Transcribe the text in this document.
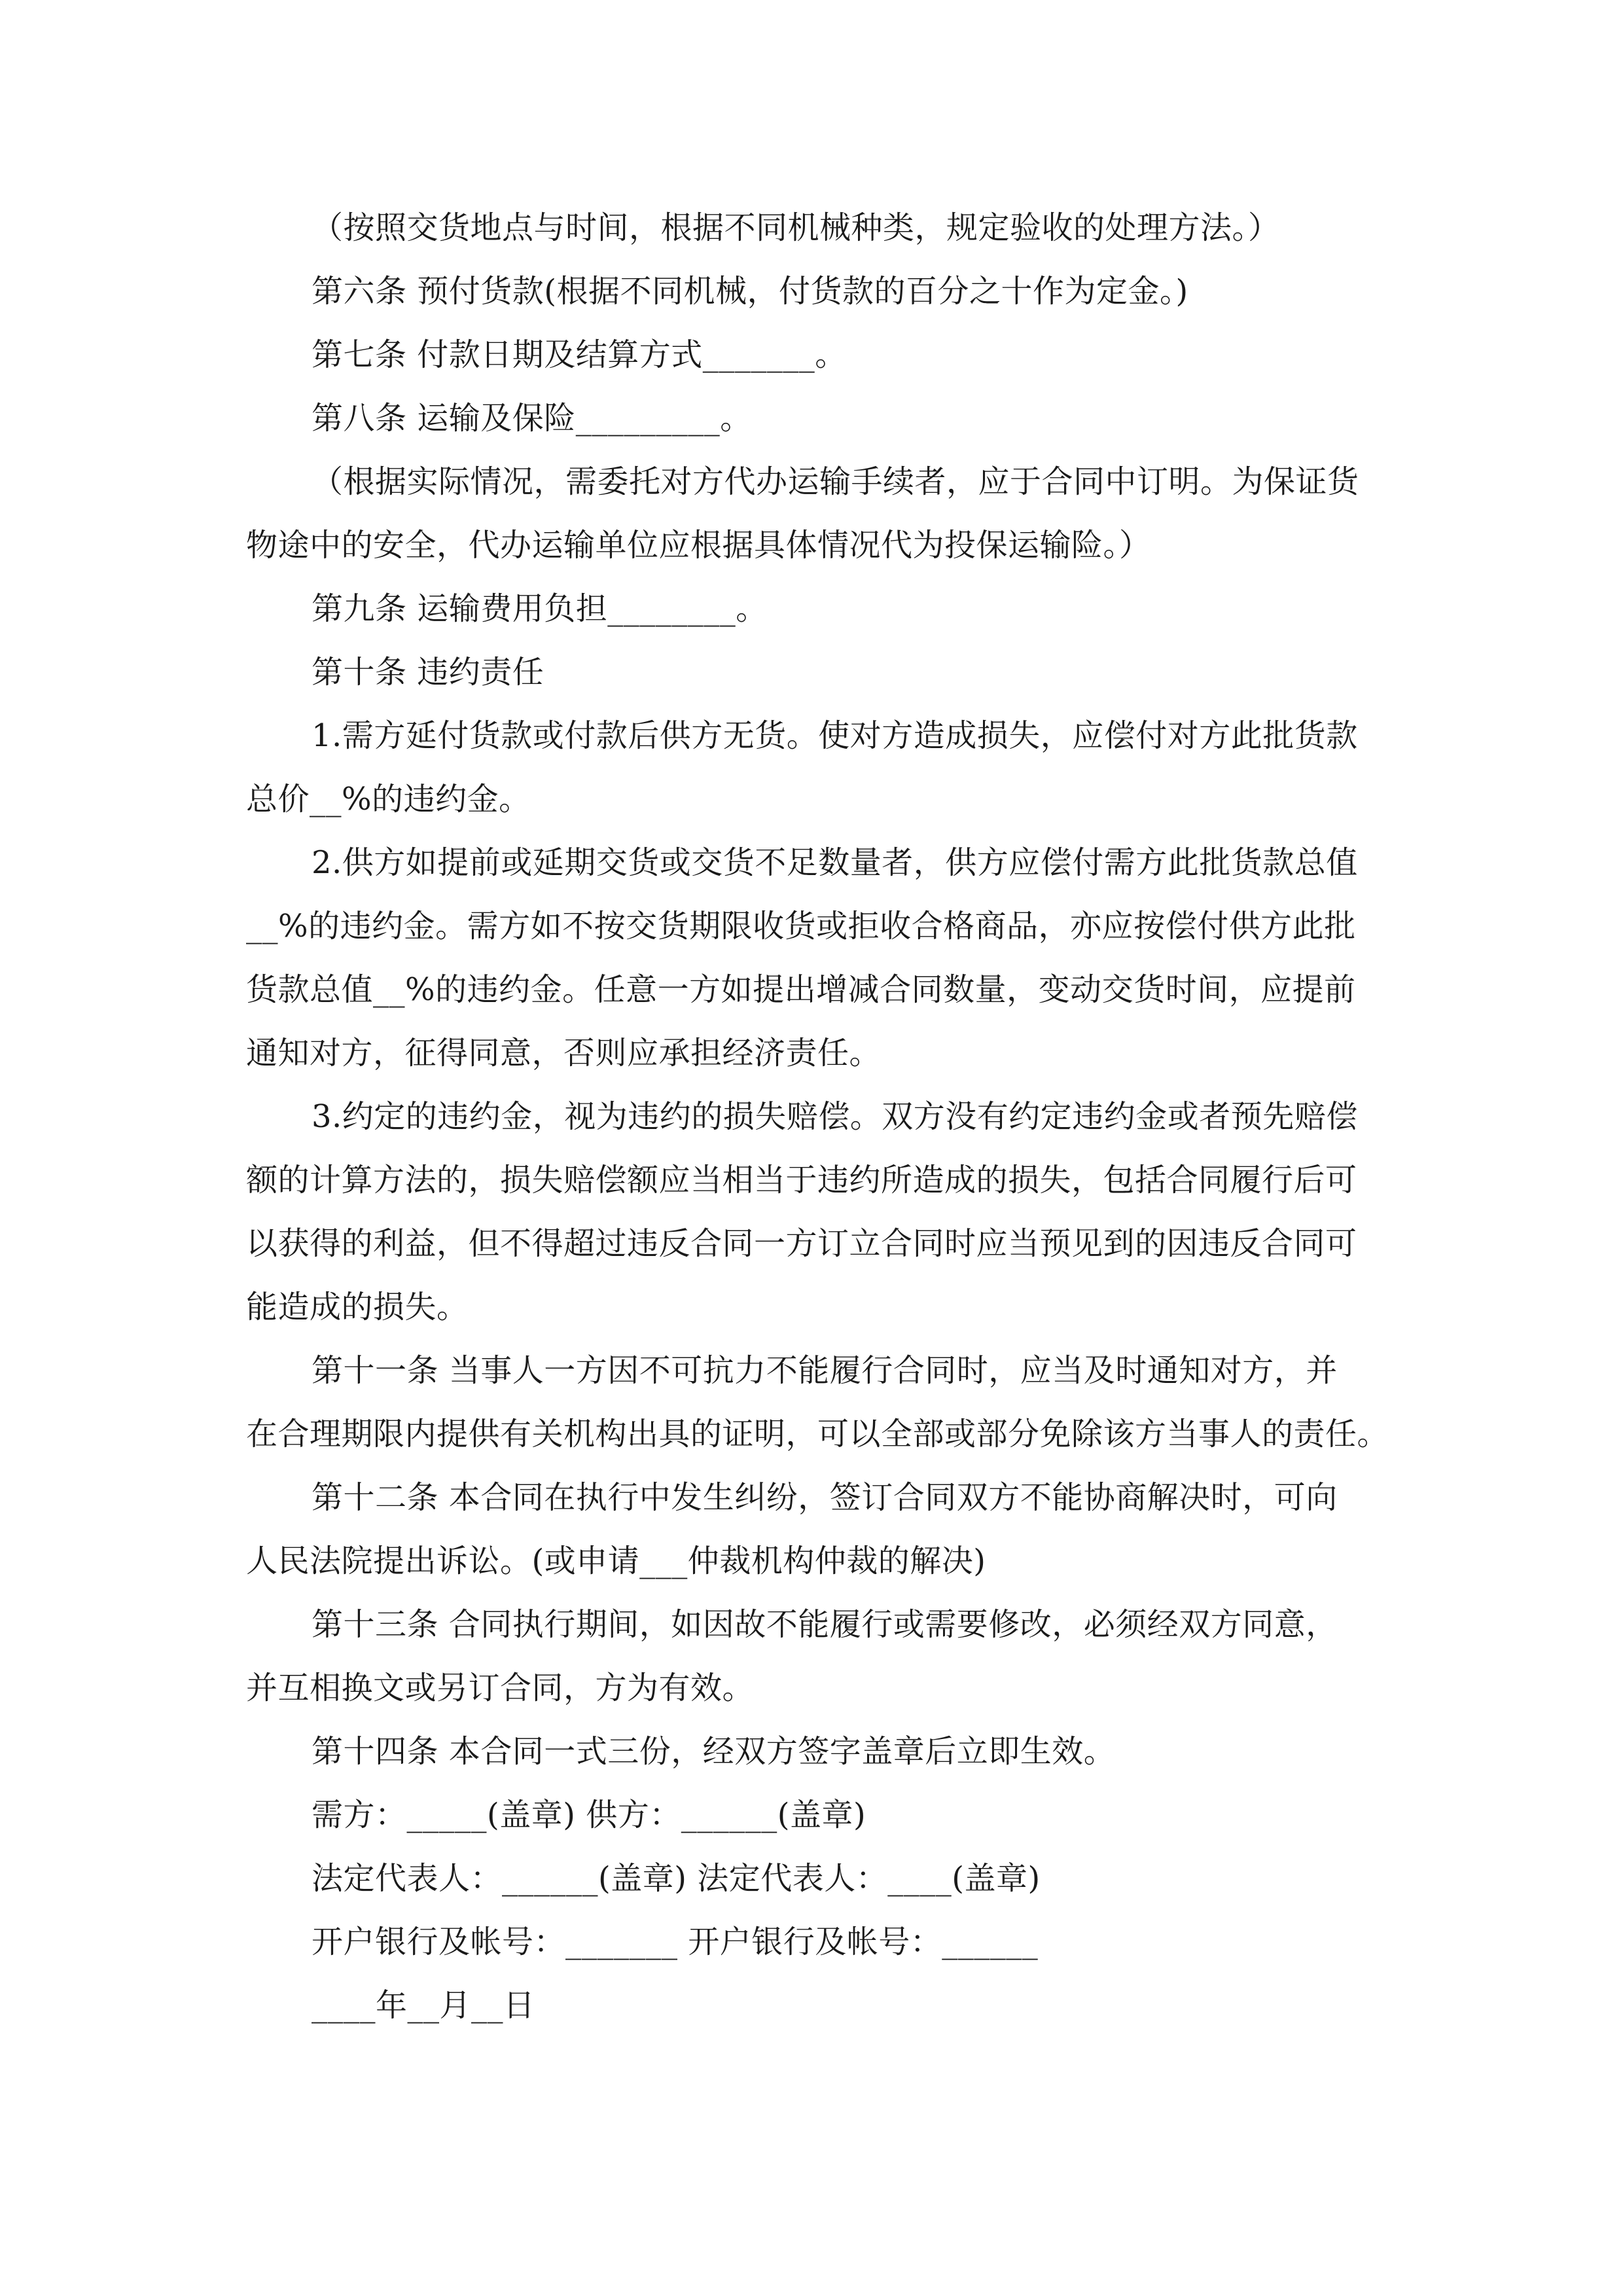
（按照交货地点与时间，根据不同机械种类，规定验收的处理方法。）

第六条 预付货款(根据不同机械，付货款的百分之十作为定金。)

第七条 付款日期及结算方式_______。

第八条 运输及保险_________。

（根据实际情况，需委托对方代办运输手续者，应于合同中订明。为保证货

物途中的安全，代办运输单位应根据具体情况代为投保运输险。）

第九条 运输费用负担________。

第十条 违约责任

1.需方延付货款或付款后供方无货。使对方造成损失，应偿付对方此批货款

总价__%的违约金。

2.供方如提前或延期交货或交货不足数量者，供方应偿付需方此批货款总值

__%的违约金。需方如不按交货期限收货或拒收合格商品，亦应按偿付供方此批

货款总值__%的违约金。任意一方如提出增减合同数量，变动交货时间，应提前

通知对方，征得同意，否则应承担经济责任。

3.约定的违约金，视为违约的损失赔偿。双方没有约定违约金或者预先赔偿

额的计算方法的，损失赔偿额应当相当于违约所造成的损失，包括合同履行后可

以获得的利益，但不得超过违反合同一方订立合同时应当预见到的因违反合同可

能造成的损失。

第十一条 当事人一方因不可抗力不能履行合同时，应当及时通知对方，并

在合理期限内提供有关机构出具的证明，可以全部或部分免除该方当事人的责任。

第十二条 本合同在执行中发生纠纷，签订合同双方不能协商解决时，可向

人民法院提出诉讼。(或申请___仲裁机构仲裁的解决)

第十三条 合同执行期间，如因故不能履行或需要修改，必须经双方同意，

并互相换文或另订合同，方为有效。

第十四条 本合同一式三份，经双方签字盖章后立即生效。

需方：_____(盖章) 供方：______(盖章)

法定代表人：______(盖章) 法定代表人：____(盖章)

开户银行及帐号：_______ 开户银行及帐号：______

____年__月__日
